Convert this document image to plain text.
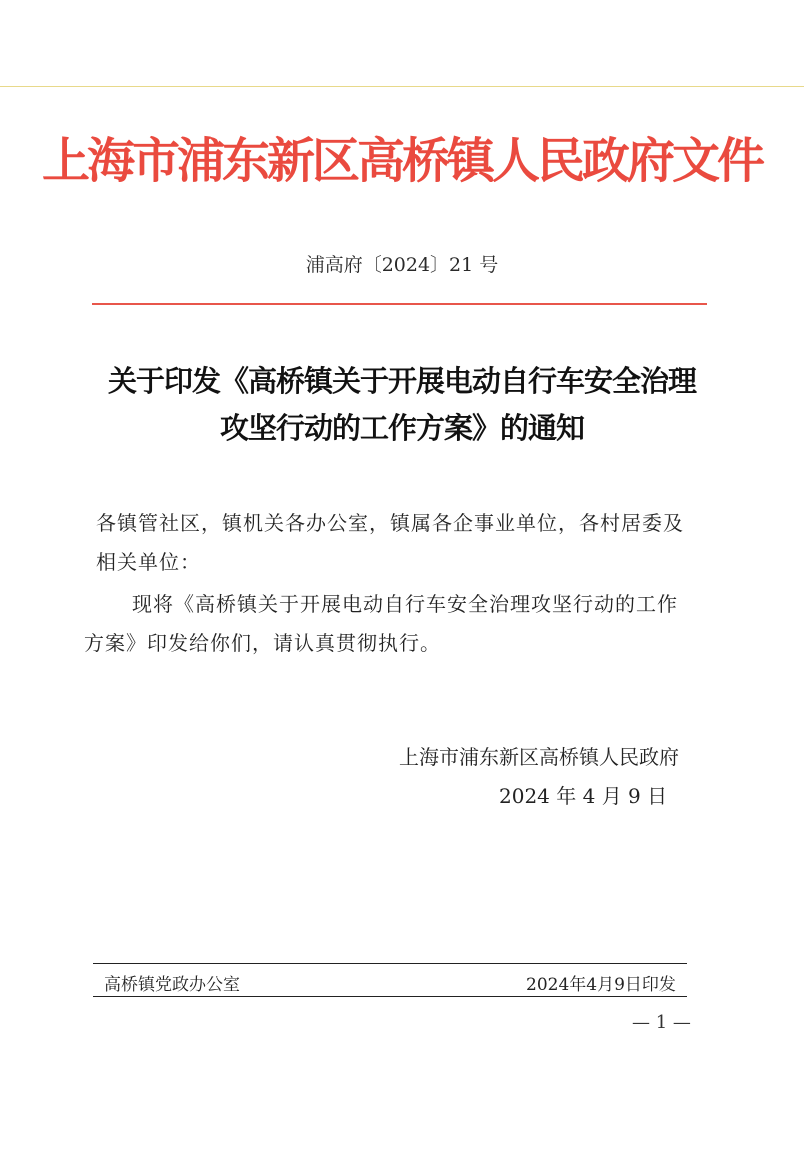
上海市浦东新区高桥镇人民政府文件
浦高府〔2024〕21 号
关于印发《高桥镇关于开展电动自行车安全治理
攻坚行动的工作方案》的通知
各镇管社区，镇机关各办公室，镇属各企事业单位，各村居委及
相关单位：
现将《高桥镇关于开展电动自行车安全治理攻坚行动的工作
方案》印发给你们，请认真贯彻执行。
上海市浦东新区高桥镇人民政府
2024 年 4 月 9 日
高桥镇党政办公室	2024年4月9日印发
— 1 —
